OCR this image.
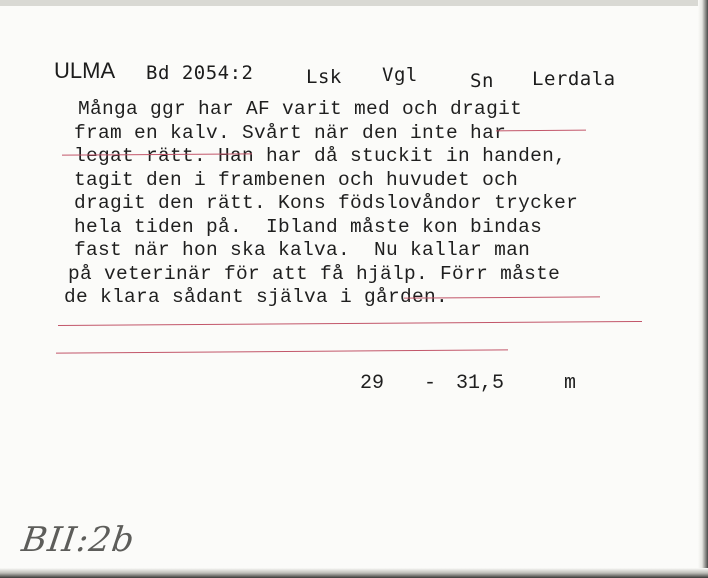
ULMA Bd 2054:2	Lsk Vgl	Sn Lerdala
Många ggr har AF varit med och dragit
fram en kalv. Svårt när den inte har
legat rätt. Han har då stuckit in handen,
tagit den i frambenen och huvudet och
dragit den rätt. Kons födslovåndor trycker
hela tiden på.  Ibland måste kon bindas
fast när hon ska kalva.  Nu kallar man
på veterinär för att få hjälp. Förr måste
de klara sådant själva i gården.
29 - 31,5	m
BII:2b
